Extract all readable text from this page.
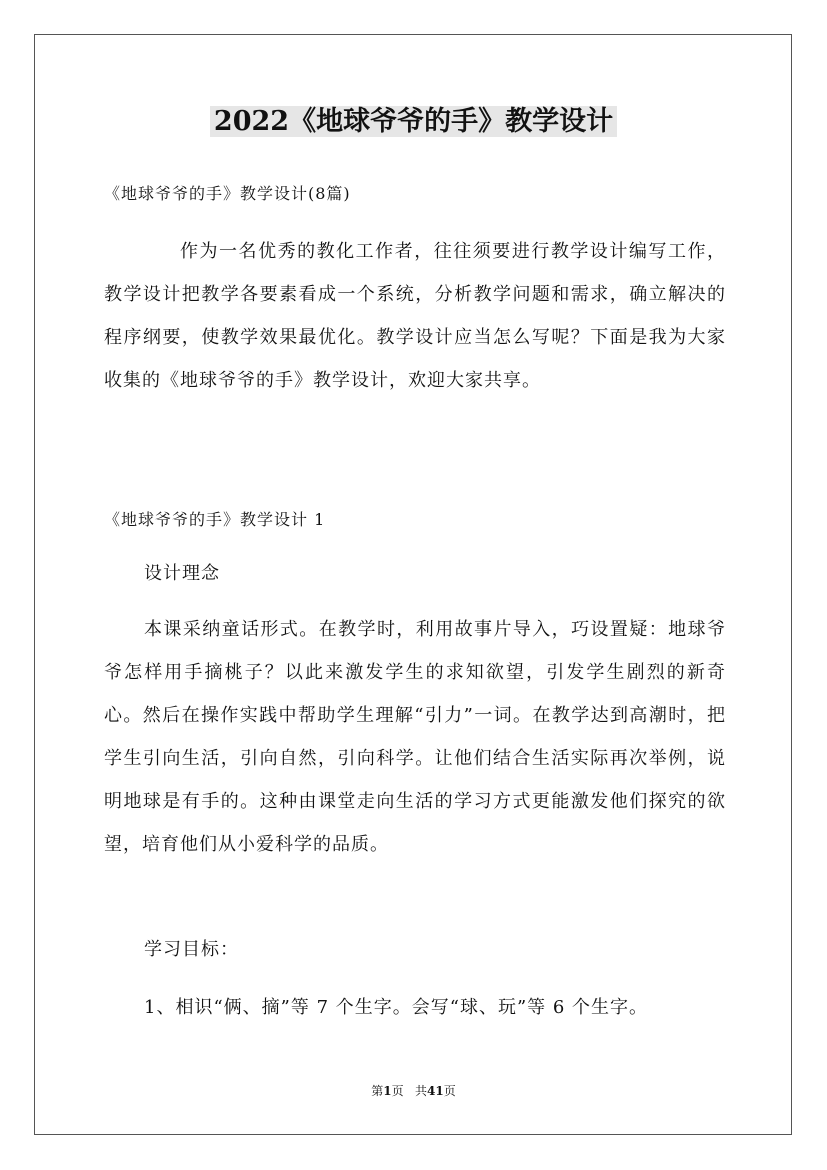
2022《地球爷爷的手》教学设计

《地球爷爷的手》教学设计(8篇)

作为一名优秀的教化工作者，往往须要进行教学设计编写工作，教学设计把教学各要素看成一个系统，分析教学问题和需求，确立解决的程序纲要，使教学效果最优化。教学设计应当怎么写呢？下面是我为大家收集的《地球爷爷的手》教学设计，欢迎大家共享。

《地球爷爷的手》教学设计 1

设计理念

本课采纳童话形式。在教学时，利用故事片导入，巧设置疑：地球爷爷怎样用手摘桃子？以此来激发学生的求知欲望，引发学生剧烈的新奇心。然后在操作实践中帮助学生理解“引力”一词。在教学达到高潮时，把学生引向生活，引向自然，引向科学。让他们结合生活实际再次举例，说明地球是有手的。这种由课堂走向生活的学习方式更能激发他们探究的欲望，培育他们从小爱科学的品质。

学习目标：

1、相识“俩、摘”等 7 个生字。会写“球、玩”等 6 个生字。

第1页   共41页
